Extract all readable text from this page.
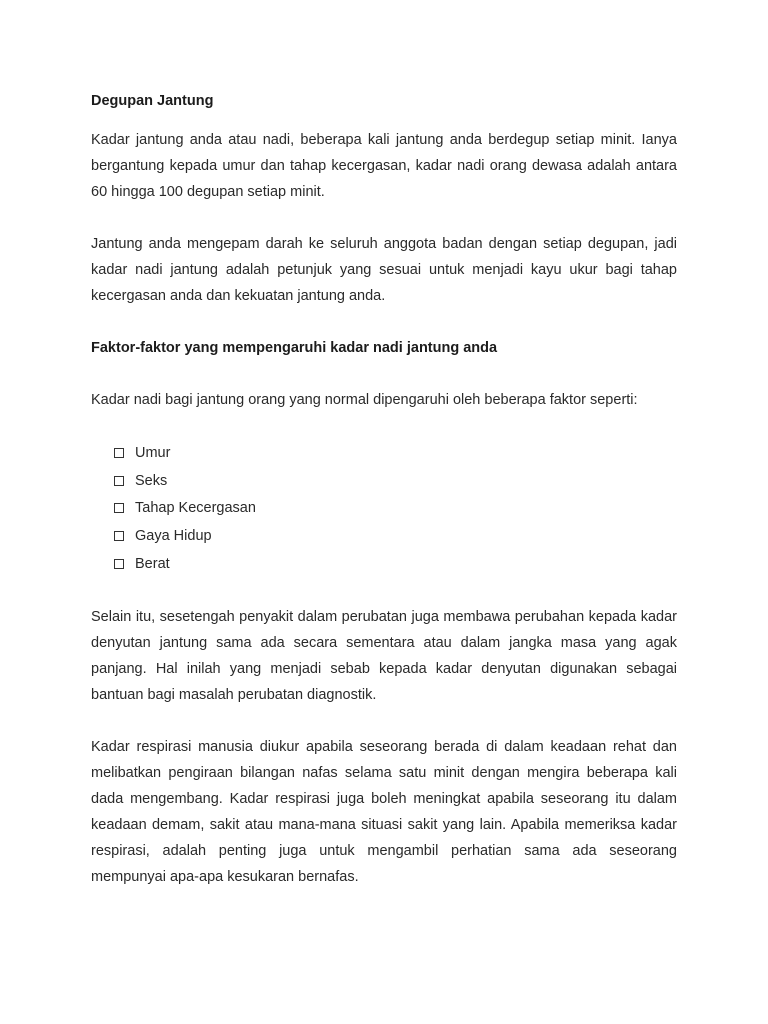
Degupan Jantung

Kadar jantung anda atau nadi, beberapa kali jantung anda berdegup setiap minit. Ianya bergantung kepada umur dan tahap kecergasan, kadar nadi orang dewasa adalah antara 60 hingga 100 degupan setiap minit.

Jantung anda mengepam darah ke seluruh anggota badan dengan setiap degupan, jadi kadar nadi jantung adalah petunjuk yang sesuai untuk menjadi kayu ukur bagi tahap kecergasan anda dan kekuatan jantung anda.

Faktor-faktor yang mempengaruhi kadar nadi jantung anda

Kadar nadi bagi jantung orang yang normal dipengaruhi oleh beberapa faktor seperti:

Umur
Seks
Tahap Kecergasan
Gaya Hidup
Berat

Selain itu, sesetengah penyakit dalam perubatan juga membawa perubahan kepada kadar denyutan jantung sama ada secara sementara atau dalam jangka masa yang agak panjang. Hal inilah yang menjadi sebab kepada kadar denyutan digunakan sebagai bantuan bagi masalah perubatan diagnostik.

Kadar respirasi manusia diukur apabila seseorang berada di dalam keadaan rehat dan melibatkan pengiraan bilangan nafas selama satu minit dengan mengira beberapa kali dada mengembang. Kadar respirasi juga boleh meningkat apabila seseorang itu dalam keadaan demam, sakit atau mana-mana situasi sakit yang lain. Apabila memeriksa kadar respirasi, adalah penting juga untuk mengambil perhatian sama ada seseorang mempunyai apa-apa kesukaran bernafas.
